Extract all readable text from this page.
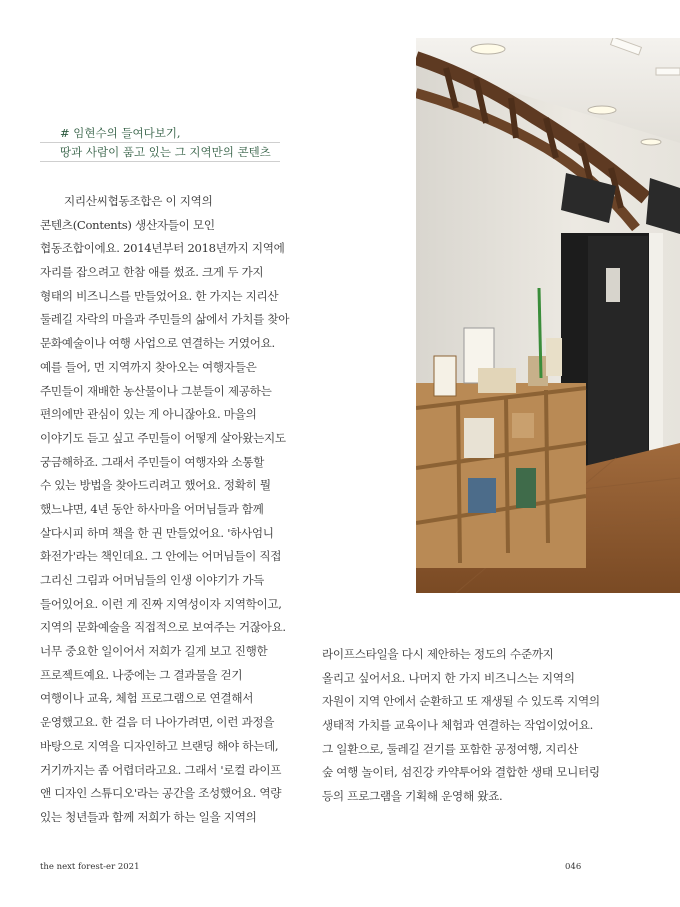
# 임현수의 들여다보기,
땅과 사람이 품고 있는 그 지역만의 콘텐츠
지리산씨협동조합은 이 지역의
콘텐츠(Contents) 생산자들이 모인
협동조합이에요. 2014년부터 2018년까지 지역에
자리를 잡으려고 한참 애를 썼죠. 크게 두 가지
형태의 비즈니스를 만들었어요. 한 가지는 지리산
둘레길 자락의 마을과 주민들의 삶에서 가치를 찾아
문화예술이나 여행 사업으로 연결하는 거였어요.
예를 들어, 먼 지역까지 찾아오는 여행자들은
주민들이 재배한 농산물이나 그분들이 제공하는
편의에만 관심이 있는 게 아니잖아요. 마을의
이야기도 듣고 싶고 주민들이 어떻게 살아왔는지도
궁금해하죠. 그래서 주민들이 여행자와 소통할
수 있는 방법을 찾아드리려고 했어요. 정확히 뭘
했느냐면, 4년 동안 하사마을 어머님들과 함께
살다시피 하며 책을 한 권 만들었어요. '하사엄니
화전가'라는 책인데요. 그 안에는 어머님들이 직접
그리신 그림과 어머님들의 인생 이야기가 가득
들어있어요. 이런 게 진짜 지역성이자 지역학이고,
지역의 문화예술을 직접적으로 보여주는 거잖아요.
너무 중요한 일이어서 저희가 길게 보고 진행한
프로젝트예요. 나중에는 그 결과물을 걷기
여행이나 교육, 체험 프로그램으로 연결해서
운영했고요. 한 걸음 더 나아가려면, 이런 과정을
바탕으로 지역을 디자인하고 브랜딩 해야 하는데,
거기까지는 좀 어렵더라고요. 그래서 '로컬 라이프
앤 디자인 스튜디오'라는 공간을 조성했어요. 역량
있는 청년들과 함께 저희가 하는 일을 지역의
라이프스타일을 다시 제안하는 정도의 수준까지
올리고 싶어서요. 나머지 한 가지 비즈니스는 지역의
자원이 지역 안에서 순환하고 또 재생될 수 있도록 지역의
생태적 가치를 교육이나 체험과 연결하는 작업이었어요.
그 일환으로, 둘레길 걷기를 포함한 공정여행, 지리산
숲 여행 놀이터, 섬진강 카약투어와 결합한 생태 모니터링
등의 프로그램을 기획해 운영해 왔죠.
the next forest-er 2021	046
